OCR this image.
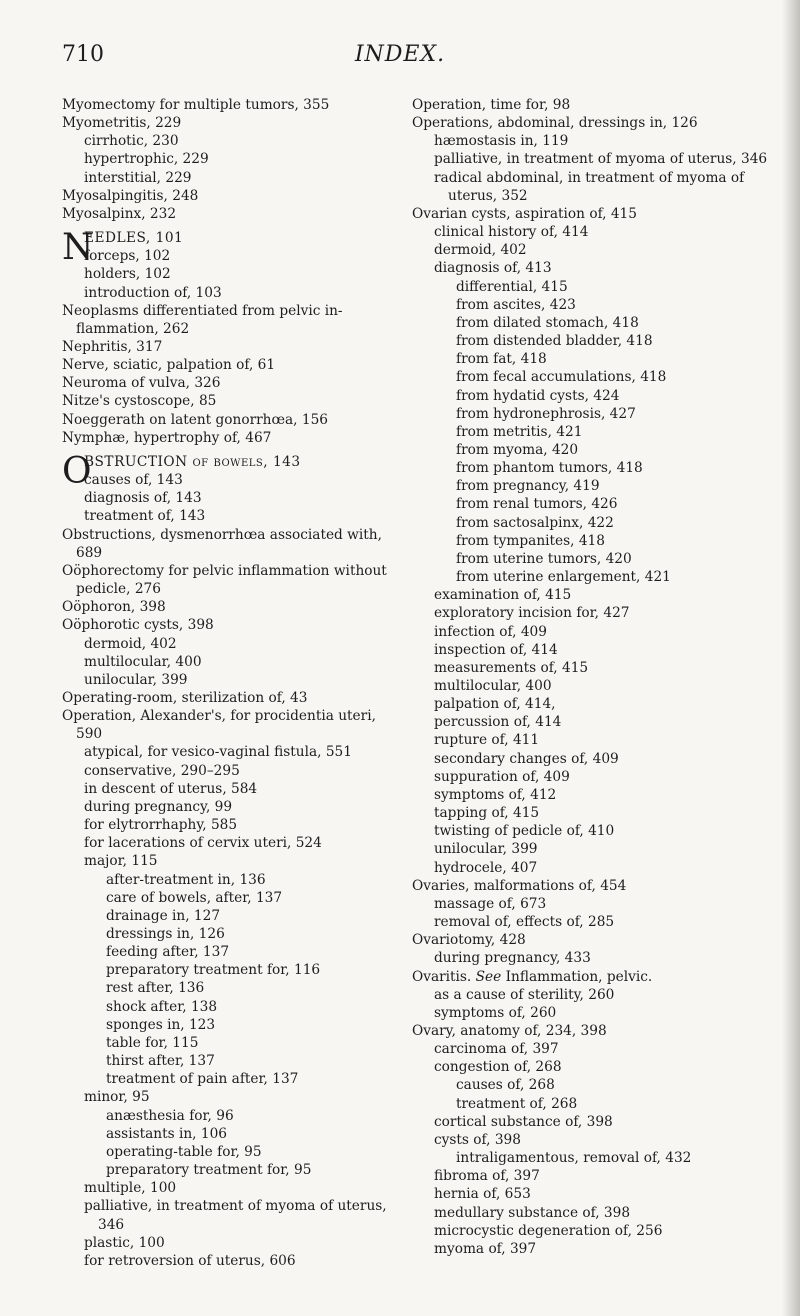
710	INDEX.
Myomectomy for multiple tumors, 355
Myometritis, 229
cirrhotic, 230
hypertrophic, 229
interstitial, 229
Myosalpingitis, 248
Myosalpinx, 232
N
EEDLES, 101
forceps, 102
holders, 102
introduction of, 103
Neoplasms differentiated from pelvic in- flammation, 262
Nephritis, 317
Nerve, sciatic, palpation of, 61
Neuroma of vulva, 326
Nitze's cystoscope, 85
Noeggerath on latent gonorrhœa, 156
Nymphæ, hypertrophy of, 467
O
BSTRUCTION of bowels, 143
causes of, 143
diagnosis of, 143
treatment of, 143
Obstructions, dysmenorrhœa associated with, 689
Oöphorectomy for pelvic inflammation without pedicle, 276
Oöphoron, 398
Oöphorotic cysts, 398
dermoid, 402
multilocular, 400
unilocular, 399
Operating-room, sterilization of, 43
Operation, Alexander's, for procidentia uteri, 590
atypical, for vesico-vaginal fistula, 551
conservative, 290–295
in descent of uterus, 584
during pregnancy, 99
for elytrorrhaphy, 585
for lacerations of cervix uteri, 524
major, 115
after-treatment in, 136
care of bowels, after, 137
drainage in, 127
dressings in, 126
feeding after, 137
preparatory treatment for, 116
rest after, 136
shock after, 138
sponges in, 123
table for, 115
thirst after, 137
treatment of pain after, 137
minor, 95
anæsthesia for, 96
assistants in, 106
operating-table for, 95
preparatory treatment for, 95
multiple, 100
palliative, in treatment of myoma of uterus, 346
plastic, 100
for retroversion of uterus, 606
Operation, time for, 98
Operations, abdominal, dressings in, 126
hæmostasis in, 119
palliative, in treatment of myoma of uterus, 346
radical abdominal, in treatment of myoma of uterus, 352
Ovarian cysts, aspiration of, 415
clinical history of, 414
dermoid, 402
diagnosis of, 413
differential, 415
from ascites, 423
from dilated stomach, 418
from distended bladder, 418
from fat, 418
from fecal accumulations, 418
from hydatid cysts, 424
from hydronephrosis, 427
from metritis, 421
from myoma, 420
from phantom tumors, 418
from pregnancy, 419
from renal tumors, 426
from sactosalpinx, 422
from tympanites, 418
from uterine tumors, 420
from uterine enlargement, 421
examination of, 415
exploratory incision for, 427
infection of, 409
inspection of, 414
measurements of, 415
multilocular, 400
palpation of, 414,
percussion of, 414
rupture of, 411
secondary changes of, 409
suppuration of, 409
symptoms of, 412
tapping of, 415
twisting of pedicle of, 410
unilocular, 399
hydrocele, 407
Ovaries, malformations of, 454
massage of, 673
removal of, effects of, 285
Ovariotomy, 428
during pregnancy, 433
Ovaritis. See Inflammation, pelvic.
as a cause of sterility, 260
symptoms of, 260
Ovary, anatomy of, 234, 398
carcinoma of, 397
congestion of, 268
causes of, 268
treatment of, 268
cortical substance of, 398
cysts of, 398
intraligamentous, removal of, 432
fibroma of, 397
hernia of, 653
medullary substance of, 398
microcystic degeneration of, 256
myoma of, 397
